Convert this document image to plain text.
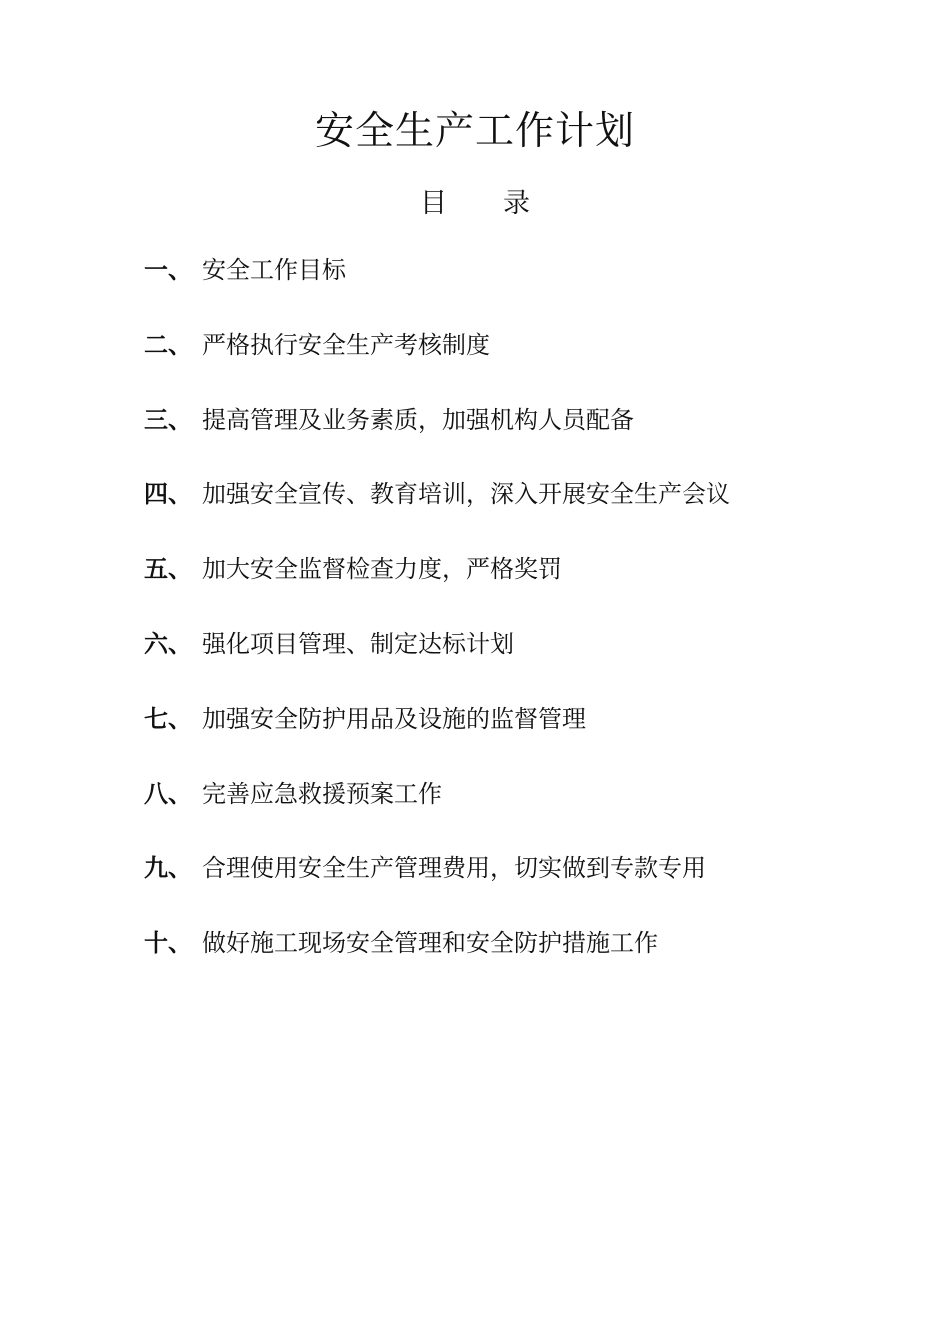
安全生产工作计划
目 录
一、 安全工作目标
二、 严格执行安全生产考核制度
三、 提高管理及业务素质，加强机构人员配备
四、 加强安全宣传、教育培训，深入开展安全生产会议
五、 加大安全监督检查力度，严格奖罚
六、 强化项目管理、制定达标计划
七、 加强安全防护用品及设施的监督管理
八、 完善应急救援预案工作
九、 合理使用安全生产管理费用，切实做到专款专用
十、 做好施工现场安全管理和安全防护措施工作
